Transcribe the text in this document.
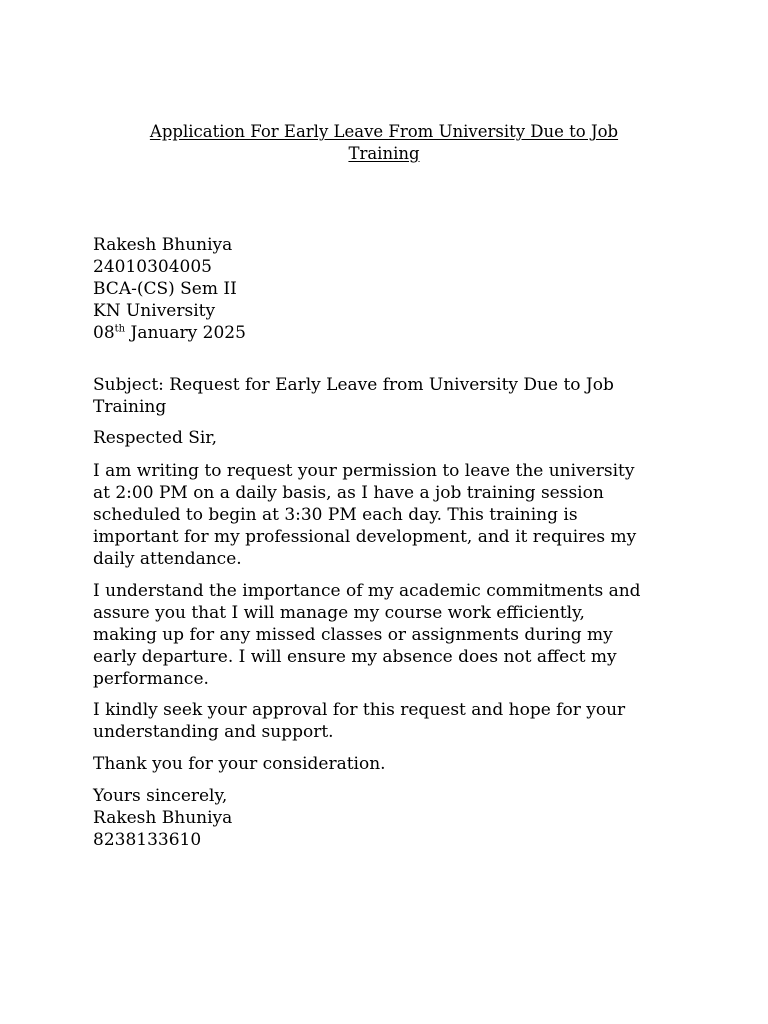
Application For Early Leave From University Due to Job
Training
Rakesh Bhuniya
24010304005
BCA-(CS) Sem II
KN University
08th January 2025
Subject: Request for Early Leave from University Due to Job
Training
Respected Sir,
I am writing to request your permission to leave the university
at 2:00 PM on a daily basis, as I have a job training session
scheduled to begin at 3:30 PM each day. This training is
important for my professional development, and it requires my
daily attendance.
I understand the importance of my academic commitments and
assure you that I will manage my course work efficiently,
making up for any missed classes or assignments during my
early departure. I will ensure my absence does not affect my
performance.
I kindly seek your approval for this request and hope for your
understanding and support.
Thank you for your consideration.
Yours sincerely,
Rakesh Bhuniya
8238133610
